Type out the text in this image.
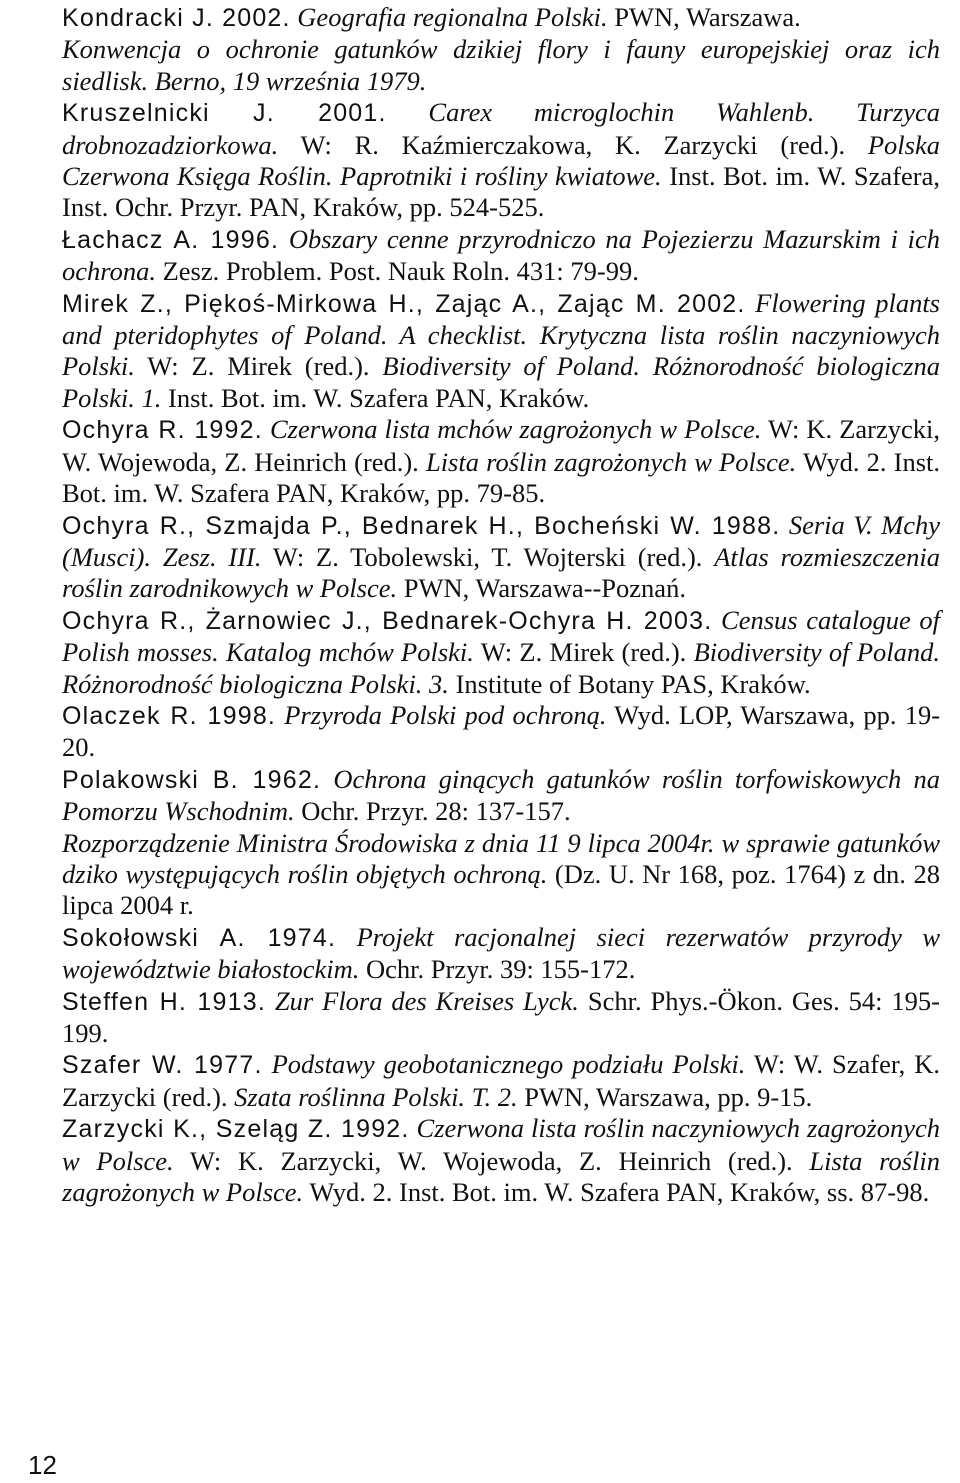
Kondracki J. 2002. Geografia regionalna Polski. PWN, Warszawa.

Konwencja o ochronie gatunków dzikiej flory i fauny europejskiej oraz ich siedlisk. Berno, 19 września 1979.

Kruszelnicki J. 2001. Carex microglochin Wahlenb. Turzyca drobnozadziorkowa. W: R. Kaźmierczakowa, K. Zarzycki (red.). Polska Czerwona Księga Roślin. Paprotniki i rośliny kwiatowe. Inst. Bot. im. W. Szafera, Inst. Ochr. Przyr. PAN, Kraków, pp. 524-525.

Łachacz A. 1996. Obszary cenne przyrodniczo na Pojezierzu Mazurskim i ich ochrona. Zesz. Problem. Post. Nauk Roln. 431: 79-99.

Mirek Z., Piękoś-Mirkowa H., Zając A., Zając M. 2002. Flowering plants and pteridophytes of Poland. A checklist. Krytyczna lista roślin naczyniowych Polski. W: Z. Mirek (red.). Biodiversity of Poland. Różnorodność biologiczna Polski. 1. Inst. Bot. im. W. Szafera PAN, Kraków.

Ochyra R. 1992. Czerwona lista mchów zagrożonych w Polsce. W: K. Zarzycki, W. Wojewoda, Z. Heinrich (red.). Lista roślin zagrożonych w Polsce. Wyd. 2. Inst. Bot. im. W. Szafera PAN, Kraków, pp. 79-85.

Ochyra R., Szmajda P., Bednarek H., Bocheński W. 1988. Seria V. Mchy (Musci). Zesz. III. W: Z. Tobolewski, T. Wojterski (red.). Atlas rozmieszczenia roślin zarodnikowych w Polsce. PWN, Warszawa--Poznań.

Ochyra R., Żarnowiec J., Bednarek-Ochyra H. 2003. Census catalogue of Polish mosses. Katalog mchów Polski. W: Z. Mirek (red.). Biodiversity of Poland. Różnorodność biologiczna Polski. 3. Institute of Botany PAS, Kraków.

Olaczek R. 1998. Przyroda Polski pod ochroną. Wyd. LOP, Warszawa, pp. 19-20.

Polakowski B. 1962. Ochrona ginących gatunków roślin torfowiskowych na Pomorzu Wschodnim. Ochr. Przyr. 28: 137-157.

Rozporządzenie Ministra Środowiska z dnia 11 9 lipca 2004r. w sprawie gatunków dziko występujących roślin objętych ochroną. (Dz. U. Nr 168, poz. 1764) z dn. 28 lipca 2004 r.

Sokołowski A. 1974. Projekt racjonalnej sieci rezerwatów przyrody w województwie białostockim. Ochr. Przyr. 39: 155-172.

Steffen H. 1913. Zur Flora des Kreises Lyck. Schr. Phys.-Ökon. Ges. 54: 195-199.

Szafer W. 1977. Podstawy geobotanicznego podziału Polski. W: W. Szafer, K. Zarzycki (red.). Szata roślinna Polski. T. 2. PWN, Warszawa, pp. 9-15.

Zarzycki K., Szeląg Z. 1992. Czerwona lista roślin naczyniowych zagrożonych w Polsce. W: K. Zarzycki, W. Wojewoda, Z. Heinrich (red.). Lista roślin zagrożonych w Polsce. Wyd. 2. Inst. Bot. im. W. Szafera PAN, Kraków, ss. 87-98.

12
